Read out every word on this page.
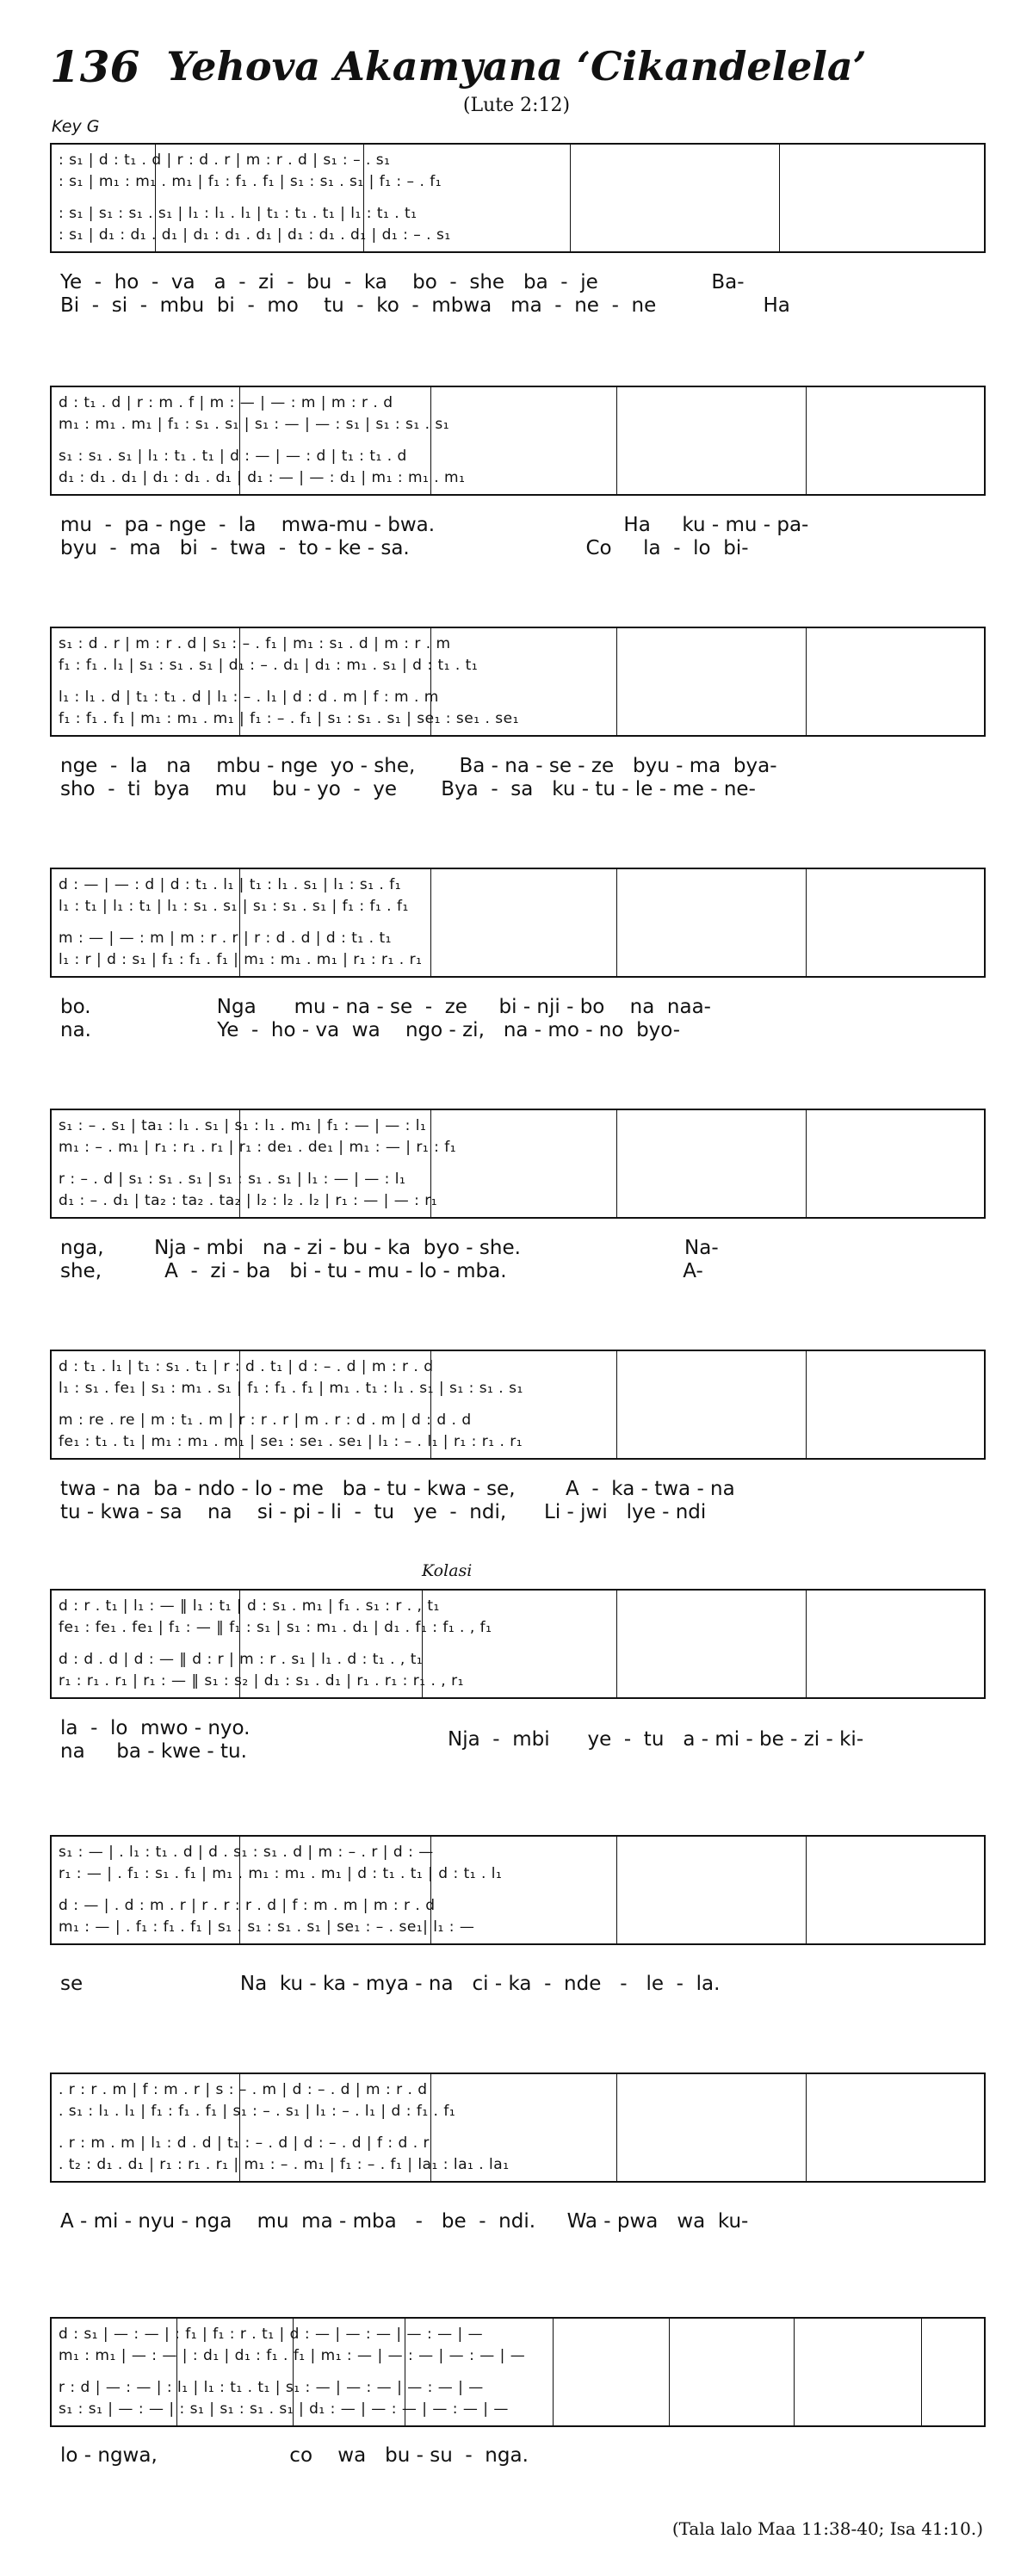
136 Yehova Akamyana ‘Cikandelela’
(Lute 2:12)
Key G
Kolasi
: s₁ | d : t₁ . d | r : d . r | m : r . d | s₁ : – . s₁
: s₁ | m₁ : m₁ . m₁ | f₁ : f₁ . f₁ | s₁ : s₁ . s₁ | f₁ : – . f₁
: s₁ | s₁ : s₁ . s₁ | l₁ : l₁ . l₁ | t₁ : t₁ . t₁ | l₁ : t₁ . t₁
: s₁ | d₁ : d₁ . d₁ | d₁ : d₁ . d₁ | d₁ : d₁ . d₁ | d₁ : – . s₁
Ye  -  ho  -  va   a  -  zi  -  bu  -  ka    bo  -  she   ba  -  je                  Ba-
Bi  -  si  -  mbu  bi  -  mo    tu  -  ko  -  mbwa   ma  -  ne  -  ne                 Ha
d : t₁ . d | r : m . f | m : — | — : m | m : r . d
m₁ : m₁ . m₁ | f₁ : s₁ . s₁ | s₁ : — | — : s₁ | s₁ : s₁ . s₁
s₁ : s₁ . s₁ | l₁ : t₁ . t₁ | d : — | — : d | t₁ : t₁ . d
d₁ : d₁ . d₁ | d₁ : d₁ . d₁ | d₁ : — | — : d₁ | m₁ : m₁ . m₁
mu  -  pa - nge  -  la    mwa-mu - bwa.                              Ha     ku - mu - pa-
byu  -  ma   bi  -  twa  -  to - ke - sa.                            Co     la  -  lo  bi-
s₁ : d . r | m : r . d | s₁ : – . f₁ | m₁ : s₁ . d | m : r . m
f₁ : f₁ . l₁ | s₁ : s₁ . s₁ | d₁ : – . d₁ | d₁ : m₁ . s₁ | d : t₁ . t₁
l₁ : l₁ . d | t₁ : t₁ . d | l₁ : – . l₁ | d : d . m | f : m . m
f₁ : f₁ . f₁ | m₁ : m₁ . m₁ | f₁ : – . f₁ | s₁ : s₁ . s₁ | se₁ : se₁ . se₁
nge  -  la   na    mbu - nge  yo - she,       Ba - na - se - ze   byu - ma  bya-
sho  -  ti  bya    mu    bu - yo  -  ye       Bya  -  sa   ku - tu - le - me - ne-
d : — | — : d | d : t₁ . l₁ | t₁ : l₁ . s₁ | l₁ : s₁ . f₁
l₁ : t₁ | l₁ : t₁ | l₁ : s₁ . s₁ | s₁ : s₁ . s₁ | f₁ : f₁ . f₁
m : — | — : m | m : r . r | r : d . d | d : t₁ . t₁
l₁ : r | d : s₁ | f₁ : f₁ . f₁ | m₁ : m₁ . m₁ | r₁ : r₁ . r₁
bo.                    Nga      mu - na - se  -  ze     bi - nji - bo    na  naa-
na.                    Ye  -  ho - va  wa    ngo - zi,   na - mo - no  byo-
s₁ : – . s₁ | ta₁ : l₁ . s₁ | s₁ : l₁ . m₁ | f₁ : — | — : l₁
m₁ : – . m₁ | r₁ : r₁ . r₁ | r₁ : de₁ . de₁ | m₁ : — | r₁ : f₁
r : – . d | s₁ : s₁ . s₁ | s₁ : s₁ . s₁ | l₁ : — | — : l₁
d₁ : – . d₁ | ta₂ : ta₂ . ta₂ | l₂ : l₂ . l₂ | r₁ : — | — : r₁
nga,        Nja - mbi   na - zi - bu - ka  byo - she.                          Na-
she,          A  -  zi - ba   bi - tu - mu - lo - mba.                            A-
d : t₁ . l₁ | t₁ : s₁ . t₁ | r : d . t₁ | d : – . d | m : r . d
l₁ : s₁ . fe₁ | s₁ : m₁ . s₁ | f₁ : f₁ . f₁ | m₁ . t₁ : l₁ . s₁ | s₁ : s₁ . s₁
m : re . re | m : t₁ . m | r : r . r | m . r : d . m | d : d . d
fe₁ : t₁ . t₁ | m₁ : m₁ . m₁ | se₁ : se₁ . se₁ | l₁ : – . l₁ | r₁ : r₁ . r₁
twa - na  ba - ndo - lo - me   ba - tu - kwa - se,        A  -  ka - twa - na
tu - kwa - sa    na    si - pi - li  -  tu   ye  -  ndi,      Li - jwi   lye - ndi
d : r . t₁ | l₁ : — ‖ l₁ : t₁ | d : s₁ . m₁ | f₁ . s₁ : r . , t₁
fe₁ : fe₁ . fe₁ | f₁ : — ‖ f₁ : s₁ | s₁ : m₁ . d₁ | d₁ . f₁ : f₁ . , f₁
d : d . d | d : — ‖ d : r | m : r . s₁ | l₁ . d : t₁ . , t₁
r₁ : r₁ . r₁ | r₁ : — ‖ s₁ : s₂ | d₁ : s₁ . d₁ | r₁ . r₁ : r₁ . , r₁
la  -  lo  mwo - nyo.
na     ba - kwe - tu.
Nja  -  mbi      ye  -  tu   a - mi - be - zi - ki-
s₁ : — | . l₁ : t₁ . d | d . s₁ : s₁ . d | m : – . r | d : —
r₁ : — | . f₁ : s₁ . f₁ | m₁ . m₁ : m₁ . m₁ | d : t₁ . t₁ | d : t₁ . l₁
d : — | . d : m . r | r . r : r . d | f : m . m | m : r . d
m₁ : — | . f₁ : f₁ . f₁ | s₁ . s₁ : s₁ . s₁ | se₁ : – . se₁| l₁ : —
se                         Na  ku - ka - mya - na   ci - ka  -  nde   -   le  -  la.
. r : r . m | f : m . r | s : – . m | d : – . d | m : r . d
. s₁ : l₁ . l₁ | f₁ : f₁ . f₁ | s₁ : – . s₁ | l₁ : – . l₁ | d : f₁ . f₁
. r : m . m | l₁ : d . d | t₁ : – . d | d : – . d | f : d . r
. t₂ : d₁ . d₁ | r₁ : r₁ . r₁ | m₁ : – . m₁ | f₁ : – . f₁ | la₁ : la₁ . la₁
A - mi - nyu - nga    mu  ma - mba   -   be  -  ndi.     Wa - pwa   wa  ku-
d : s₁ | — : — | : f₁ | f₁ : r . t₁ | d : — | — : — | — : — | —
m₁ : m₁ | — : — | : d₁ | d₁ : f₁ . f₁ | m₁ : — | — : — | — : — | —
r : d | — : — | : l₁ | l₁ : t₁ . t₁ | s₁ : — | — : — | — : — | —
s₁ : s₁ | — : — | : s₁ | s₁ : s₁ . s₁ | d₁ : — | — : — | — : — | —
lo - ngwa,                     co    wa   bu - su  -  nga.
(Tala lalo Maa 11:38-40; Isa 41:10.)
